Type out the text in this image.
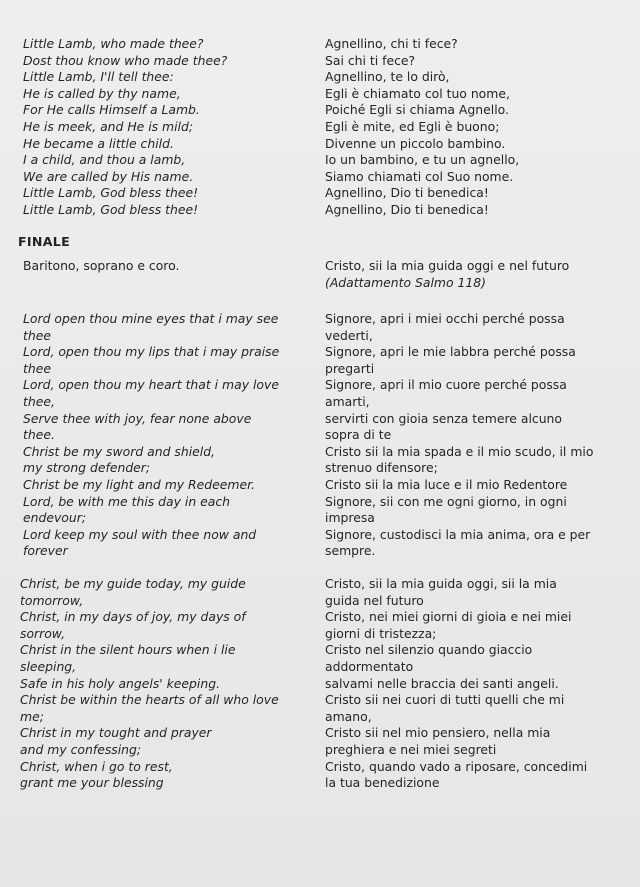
Little Lamb, who made thee?
Dost thou know who made thee?
Little Lamb, I'll tell thee:
He is called by thy name,
For He calls Himself a Lamb.
He is meek, and He is mild;
He became a little child.
I a child, and thou a lamb,
We are called by His name.
Little Lamb, God bless thee!
Little Lamb, God bless thee!
Agnellino, chi ti fece?
Sai chi ti fece?
Agnellino, te lo dirò,
Egli è chiamato col tuo nome,
Poiché Egli si chiama Agnello.
Egli è mite, ed Egli è buono;
Divenne un piccolo bambino.
Io un bambino, e tu un agnello,
Siamo chiamati col Suo nome.
Agnellino, Dio ti benedica!
Agnellino, Dio ti benedica!
FINALE
Baritono, soprano e coro.	Cristo, sii la mia guida oggi e nel futuro
(Adattamento Salmo 118)
Lord open thou mine eyes that i may see
thee
Lord, open thou my lips that i may praise
thee
Lord, open thou my heart that i may love
thee,
Serve thee with joy, fear none above
thee.
Christ be my sword and shield,
my strong defender;
Christ be my light and my Redeemer.
Lord, be with me this day in each
endevour;
Lord keep my soul with thee now and
forever
Signore, apri i miei occhi perché possa
vederti,
Signore, apri le mie labbra perché possa
pregarti
Signore, apri il mio cuore perché possa
amarti,
servirti con gioia senza temere alcuno
sopra di te
Cristo sii la mia spada e il mio scudo, il mio
strenuo difensore;
Cristo sii la mia luce e il mio Redentore
Signore, sii con me ogni giorno, in ogni
impresa
Signore, custodisci la mia anima, ora e per
sempre.
Christ, be my guide today, my guide
tomorrow,
Christ, in my days of joy, my days of
sorrow,
Christ in the silent hours when i lie
sleeping,
Safe in his holy angels' keeping.
Christ be within the hearts of all who love
me;
Christ in my tought and prayer
and my confessing;
Christ, when i go to rest,
grant me your blessing
Cristo, sii la mia guida oggi, sii la mia
guida nel futuro
Cristo, nei miei giorni di gioia e nei miei
giorni di tristezza;
Cristo nel silenzio quando giaccio
addormentato
salvami nelle braccia dei santi angeli.
Cristo sii nei cuori di tutti quelli che mi
amano,
Cristo sii nel mio pensiero, nella mia
preghiera e nei miei segreti
Cristo, quando vado a riposare, concedimi
la tua benedizione
